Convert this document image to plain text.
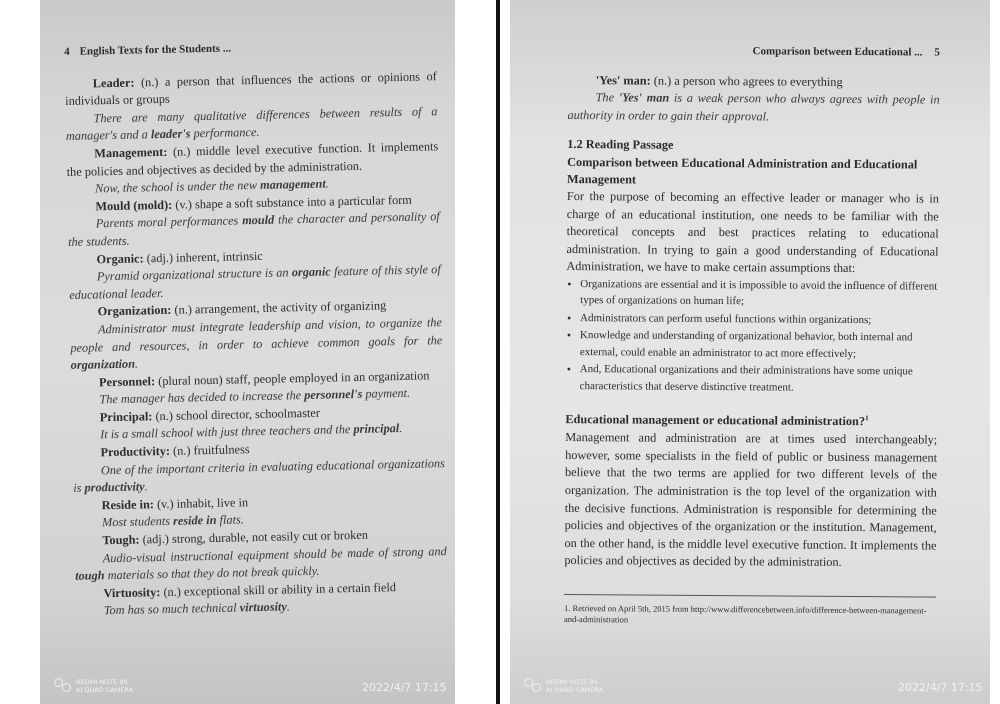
4 English Texts for the Students ...

Leader: (n.) a person that influences the actions or opinions of individuals or groups

There are many qualitative differences between results of a manager's and a leader's performance.

Management: (n.) middle level executive function. It implements the policies and objectives as decided by the administration.

Now, the school is under the new management.

Mould (mold): (v.) shape a soft substance into a particular form

Parents moral performances mould the character and personality of the students.

Organic: (adj.) inherent, intrinsic

Pyramid organizational structure is an organic feature of this style of educational leader.

Organization: (n.) arrangement, the activity of organizing

Administrator must integrate leadership and vision, to organize the people and resources, in order to achieve common goals for the organization.

Personnel: (plural noun) staff, people employed in an organization

The manager has decided to increase the personnel's payment.

Principal: (n.) school director, schoolmaster

It is a small school with just three teachers and the principal.

Productivity: (n.) fruitfulness

One of the important criteria in evaluating educational organizations is productivity.

Reside in: (v.) inhabit, live in

Most students reside in flats.

Tough: (adj.) strong, durable, not easily cut or broken

Audio-visual instructional equipment should be made of strong and tough materials so that they do not break quickly.

Virtuosity: (n.) exceptional skill or ability in a certain field

Tom has so much technical virtuosity.

REDMI NOTE 9S
AI QUAD CAMERA	2022/4/7 17:15
Comparison between Educational ... 5

'Yes' man: (n.) a person who agrees to everything

The 'Yes' man is a weak person who always agrees with people in authority in order to gain their approval.

1.2 Reading Passage
Comparison between Educational Administration and Educational Management

For the purpose of becoming an effective leader or manager who is in charge of an educational institution, one needs to be familiar with the theoretical concepts and best practices relating to educational administration. In trying to gain a good understanding of Educational Administration, we have to make certain assumptions that:

• Organizations are essential and it is impossible to avoid the influence of different types of organizations on human life;
• Administrators can perform useful functions within organizations;
• Knowledge and understanding of organizational behavior, both internal and external, could enable an administrator to act more effectively;
• And, Educational organizations and their administrations have some unique characteristics that deserve distinctive treatment.
Educational management or educational administration?$^1$

Management and administration are at times used interchangeably; however, some specialists in the field of public or business management believe that the two terms are applied for two different levels of the organization. The administration is the top level of the organization with the decisive functions. Administration is responsible for determining the policies and objectives of the organization or the institution. Management, on the other hand, is the middle level executive function. It implements the policies and objectives as decided by the administration.

1. Retrieved on April 5th, 2015 from http://www.differencebetween.info/difference-between-management-and-administration
REDMI NOTE 9S
AI QUAD CAMERA	2022/4/7 17:15
